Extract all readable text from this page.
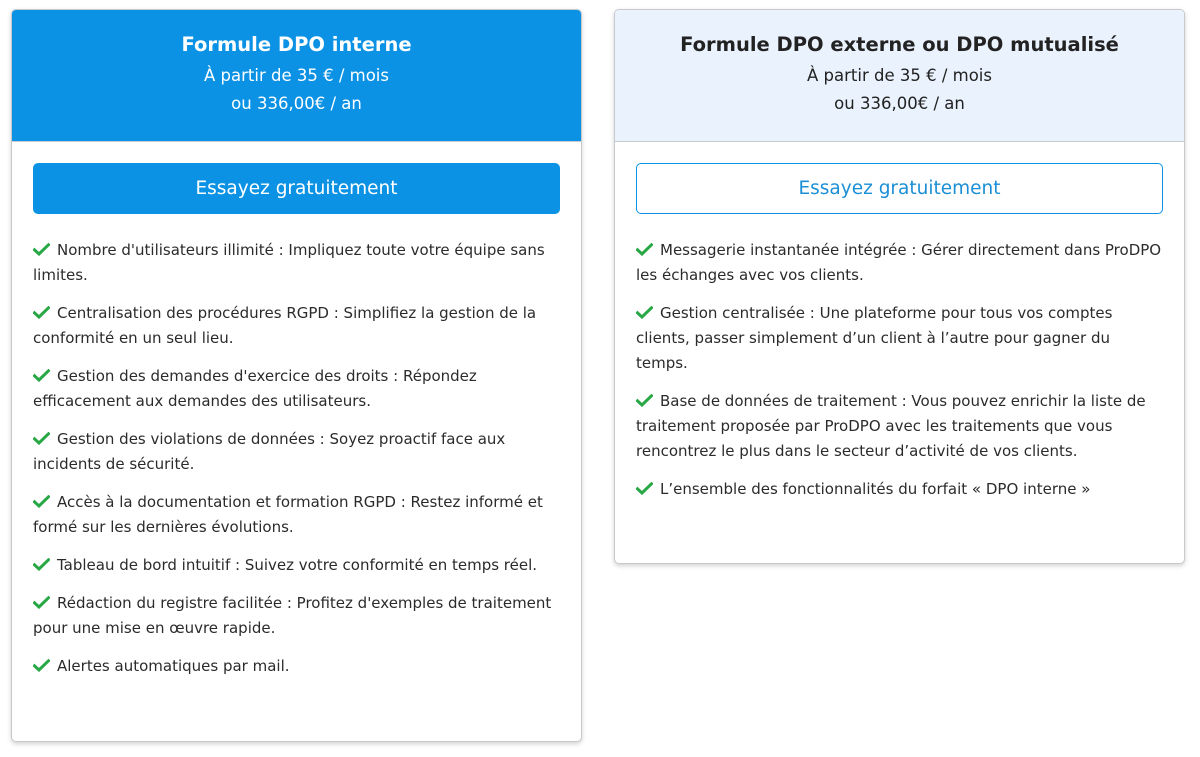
Formule DPO interne
À partir de 35 € / mois
ou 336,00€ / an
Essayez gratuitement
Nombre d'utilisateurs illimité : Impliquez toute votre équipe sans limites.
Centralisation des procédures RGPD : Simplifiez la gestion de la conformité en un seul lieu.
Gestion des demandes d'exercice des droits : Répondez efficacement aux demandes des utilisateurs.
Gestion des violations de données : Soyez proactif face aux incidents de sécurité.
Accès à la documentation et formation RGPD : Restez informé et formé sur les dernières évolutions.
Tableau de bord intuitif : Suivez votre conformité en temps réel.
Rédaction du registre facilitée : Profitez d'exemples de traitement pour une mise en œuvre rapide.
Alertes automatiques par mail.
Formule DPO externe ou DPO mutualisé
À partir de 35 € / mois
ou 336,00€ / an
Essayez gratuitement
Messagerie instantanée intégrée : Gérer directement dans ProDPO les échanges avec vos clients.
Gestion centralisée : Une plateforme pour tous vos comptes clients, passer simplement d’un client à l’autre pour gagner du temps.
Base de données de traitement : Vous pouvez enrichir la liste de traitement proposée par ProDPO avec les traitements que vous rencontrez le plus dans le secteur d’activité de vos clients.
L’ensemble des fonctionnalités du forfait « DPO interne »
